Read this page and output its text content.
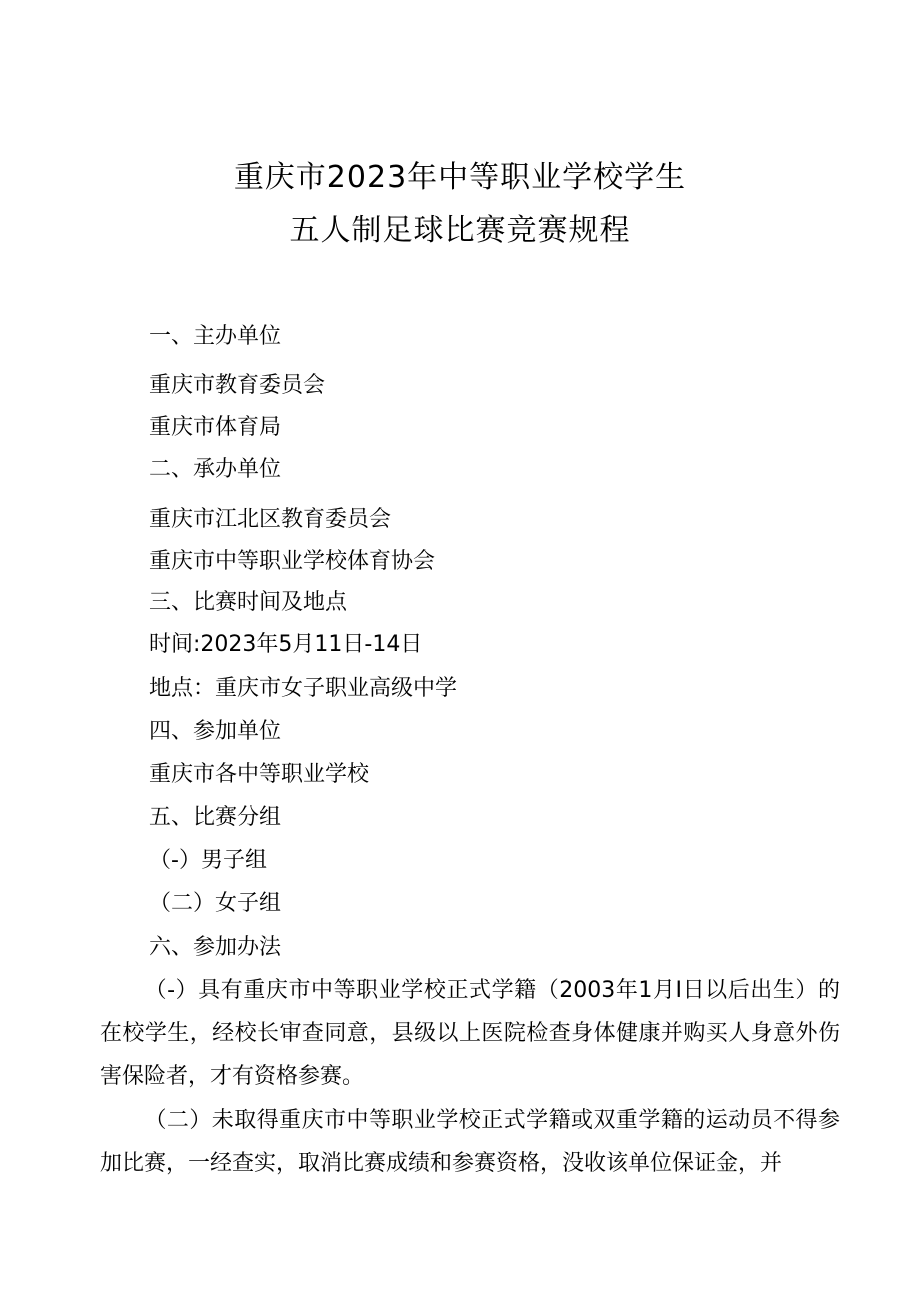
重庆市2023年中等职业学校学生
五人制足球比赛竞赛规程
一、主办单位
重庆市教育委员会
重庆市体育局
二、承办单位
重庆市江北区教育委员会
重庆市中等职业学校体育协会
三、比赛时间及地点
时间:2023年5月11日-14日
地点：重庆市女子职业高级中学
四、参加单位
重庆市各中等职业学校
五、比赛分组
（-）男子组
（二）女子组
六、参加办法
（-）具有重庆市中等职业学校正式学籍（2003年1月I日以后出生）的在校学生，经校长审查同意，县级以上医院检查身体健康并购买人身意外伤害保险者，才有资格参赛。
（二）未取得重庆市中等职业学校正式学籍或双重学籍的运动员不得参加比赛，一经查实，取消比赛成绩和参赛资格，没收该单位保证金，并
